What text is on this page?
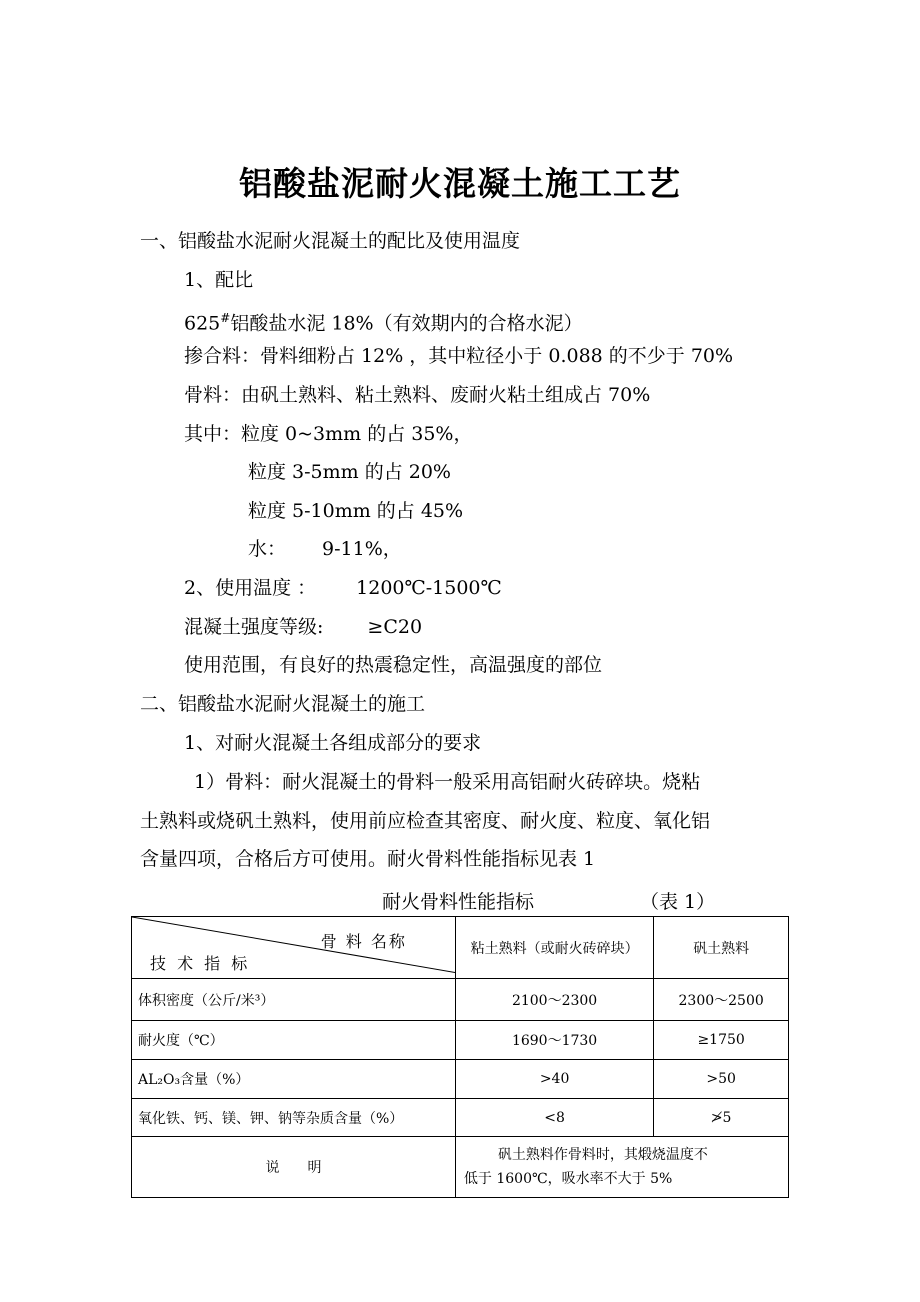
铝酸盐泥耐火混凝土施工工艺
一、铝酸盐水泥耐火混凝土的配比及使用温度
1、配比
625#铝酸盐水泥 18%（有效期内的合格水泥）
掺合料：骨料细粉占 12% ，其中粒径小于 0.088 的不少于 70%
骨料：由矾土熟料、粘土熟料、废耐火粘土组成占 70%
其中：粒度 0~3mm 的占 35%，
粒度 3-5mm 的占 20%
粒度 5-10mm 的占 45%
水： 9-11%，
2、使用温度 ： 1200℃-1500℃
混凝土强度等级: ≥C20
使用范围，有良好的热震稳定性，高温强度的部位
二、铝酸盐水泥耐火混凝土的施工
1、对耐火混凝土各组成部分的要求
1）骨料：耐火混凝土的骨料一般采用高铝耐火砖碎块。烧粘
土熟料或烧矾土熟料，使用前应检查其密度、耐火度、粒度、氧化铝
含量四项，合格后方可使用。耐火骨料性能指标见表 1
耐火骨料性能指标	（表 1）
骨 料 名称
技 术 指 标	粘土熟料（或耐火砖碎块）	矾土熟料
体积密度（公斤/米³）	2100～2300	2300～2500
耐火度（℃）	1690～1730	≥1750
AL₂O₃含量（%）	>40	>50
氧化铁、钙、镁、钾、钠等杂质含量（%）	<8	≯5
说　　明	矾土熟料作骨料时，其煅烧温度不
低于 1600℃，吸水率不大于 5%	
